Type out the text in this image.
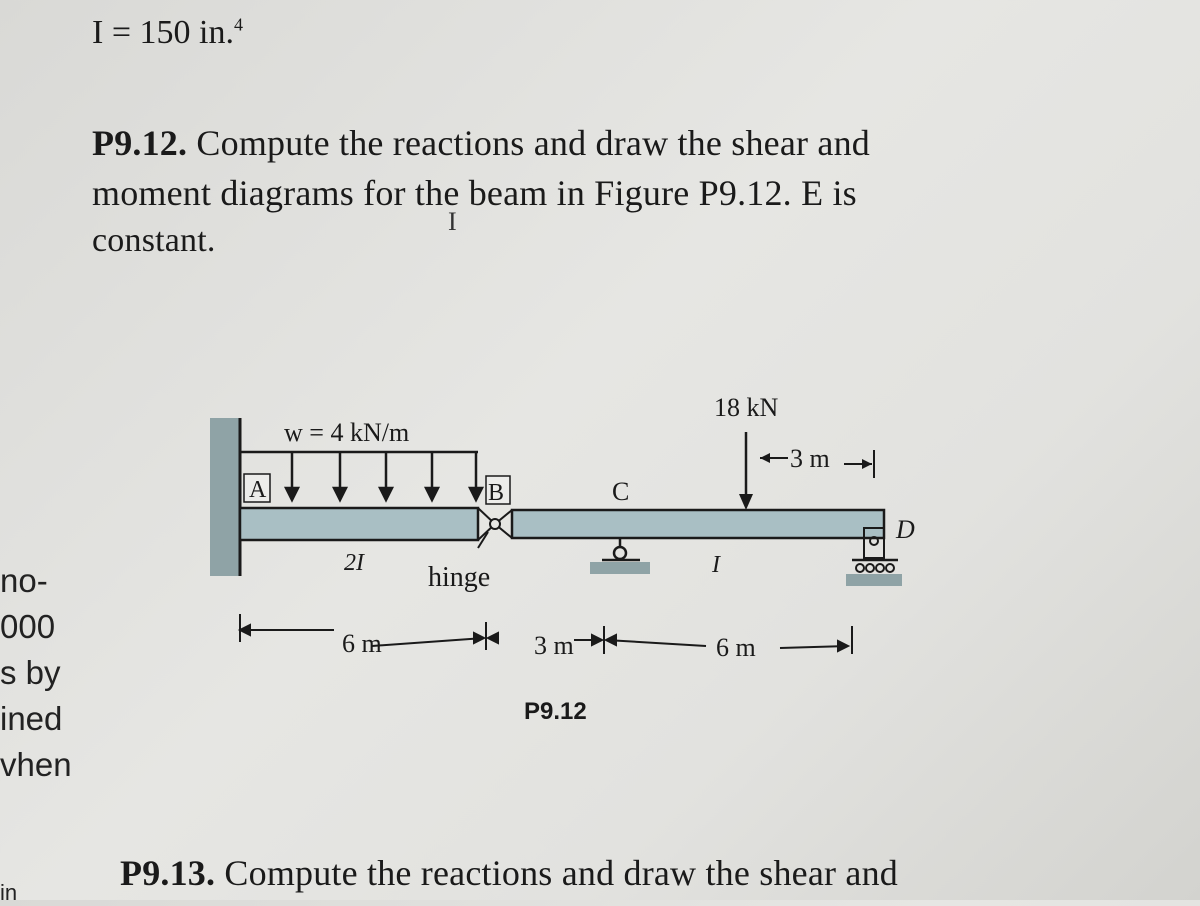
I = 150 in.$^4$
P9.12. Compute the reactions and draw the shear and
moment diagrams for the beam in Figure P9.12. E is
constant.
I
no-
000
s by
ined
vhen
in
w = 4 kN/m
18 kN
3 m
A	B	C
D
2I	I
hinge
6 m	3 m	6 m
P9.12
P9.13. Compute the reactions and draw the shear and
